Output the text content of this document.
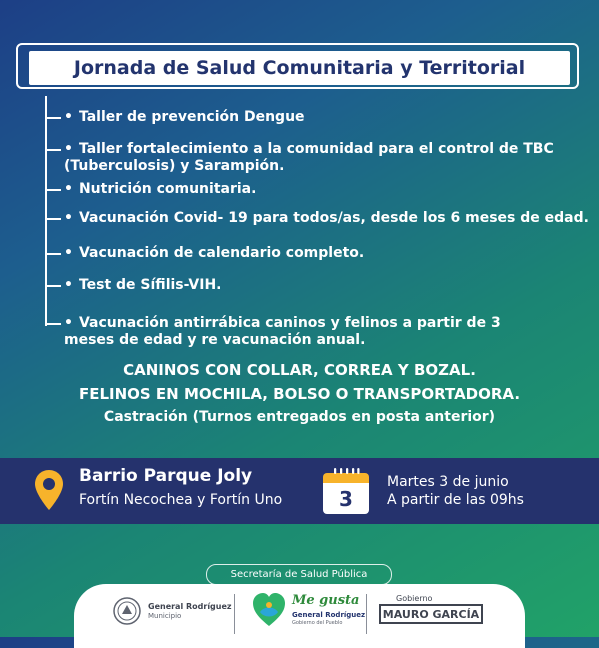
Jornada de Salud Comunitaria y Territorial
• Taller de prevención Dengue
• Taller fortalecimiento a la comunidad para el control de TBC (Tuberculosis) y Sarampión.
• Nutrición comunitaria.
• Vacunación Covid- 19 para todos/as, desde los 6 meses de edad.
• Vacunación de calendario completo.
• Test de Sífilis-VIH.
• Vacunación antirrábica caninos y felinos a partir de 3 meses de edad y re vacunación anual.
CANINOS CON COLLAR, CORREA Y BOZAL.
FELINOS EN MOCHILA, BOLSO O TRANSPORTADORA.
Castración (Turnos entregados en posta anterior)
Barrio Parque Joly
Fortín Necochea y Fortín Uno	3
Martes 3 de junio
A partir de las 09hs
Secretaría de Salud Pública
General Rodríguez
Municipio
Me gusta
General Rodríguez
Gobierno del Pueblo
Gobierno
MAURO GARCÍA
